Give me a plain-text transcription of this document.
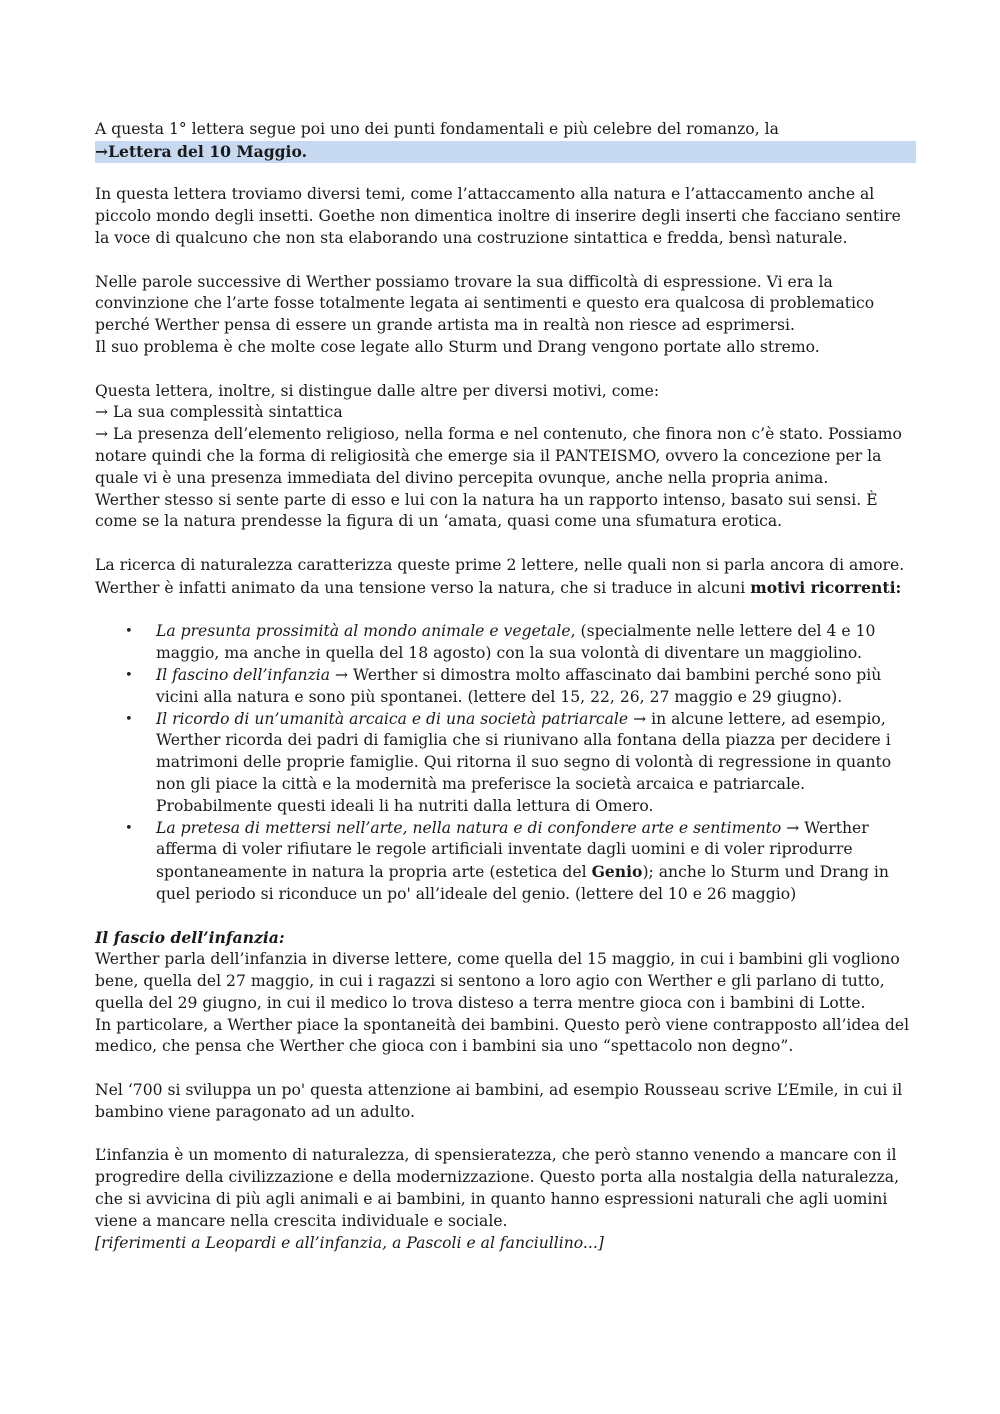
A questa 1° lettera segue poi uno dei punti fondamentali e più celebre del romanzo, la

→Lettera del 10 Maggio.

In questa lettera troviamo diversi temi, come l’attaccamento alla natura e l’attaccamento anche al piccolo mondo degli insetti. Goethe non dimentica inoltre di inserire degli inserti che facciano sentire la voce di qualcuno che non sta elaborando una costruzione sintattica e fredda, bensì naturale.

Nelle parole successive di Werther possiamo trovare la sua difficoltà di espressione. Vi era la convinzione che l’arte fosse totalmente legata ai sentimenti e questo era qualcosa di problematico perché Werther pensa di essere un grande artista ma in realtà non riesce ad esprimersi.

Il suo problema è che molte cose legate allo Sturm und Drang vengono portate allo stremo.

Questa lettera, inoltre, si distingue dalle altre per diversi motivi, come:

→ La sua complessità sintattica

→ La presenza dell’elemento religioso, nella forma e nel contenuto, che finora non c’è stato. Possiamo notare quindi che la forma di religiosità che emerge sia il PANTEISMO, ovvero la concezione per la quale vi è una presenza immediata del divino percepita ovunque, anche nella propria anima.

Werther stesso si sente parte di esso e lui con la natura ha un rapporto intenso, basato sui sensi. È come se la natura prendesse la figura di un ‘amata, quasi come una sfumatura erotica.

La ricerca di naturalezza caratterizza queste prime 2 lettere, nelle quali non si parla ancora di amore. Werther è infatti animato da una tensione verso la natura, che si traduce in alcuni motivi ricorrenti:

• La presunta prossimità al mondo animale e vegetale, (specialmente nelle lettere del 4 e 10 maggio, ma anche in quella del 18 agosto) con la sua volontà di diventare un maggiolino.
• Il fascino dell’infanzia → Werther si dimostra molto affascinato dai bambini perché sono più vicini alla natura e sono più spontanei. (lettere del 15, 22, 26, 27 maggio e 29 giugno).
• Il ricordo di un’umanità arcaica e di una società patriarcale → in alcune lettere, ad esempio, Werther ricorda dei padri di famiglia che si riunivano alla fontana della piazza per decidere i matrimoni delle proprie famiglie. Qui ritorna il suo segno di volontà di regressione in quanto non gli piace la città e la modernità ma preferisce la società arcaica e patriarcale. Probabilmente questi ideali li ha nutriti dalla lettura di Omero.
• La pretesa di mettersi nell’arte, nella natura e di confondere arte e sentimento → Werther afferma di voler rifiutare le regole artificiali inventate dagli uomini e di voler riprodurre spontaneamente in natura la propria arte (estetica del Genio); anche lo Sturm und Drang in quel periodo si riconduce un po' all’ideale del genio. (lettere del 10 e 26 maggio)

Il fascio dell’infanzia:

Werther parla dell’infanzia in diverse lettere, come quella del 15 maggio, in cui i bambini gli vogliono bene, quella del 27 maggio, in cui i ragazzi si sentono a loro agio con Werther e gli parlano di tutto, quella del 29 giugno, in cui il medico lo trova disteso a terra mentre gioca con i bambini di Lotte.

In particolare, a Werther piace la spontaneità dei bambini. Questo però viene contrapposto all’idea del medico, che pensa che Werther che gioca con i bambini sia uno “spettacolo non degno”.

Nel ‘700 si sviluppa un po' questa attenzione ai bambini, ad esempio Rousseau scrive L’Emile, in cui il bambino viene paragonato ad un adulto.

L’infanzia è un momento di naturalezza, di spensieratezza, che però stanno venendo a mancare con il progredire della civilizzazione e della modernizzazione. Questo porta alla nostalgia della naturalezza, che si avvicina di più agli animali e ai bambini, in quanto hanno espressioni naturali che agli uomini viene a mancare nella crescita individuale e sociale.

[riferimenti a Leopardi e all’infanzia, a Pascoli e al fanciullino...]
